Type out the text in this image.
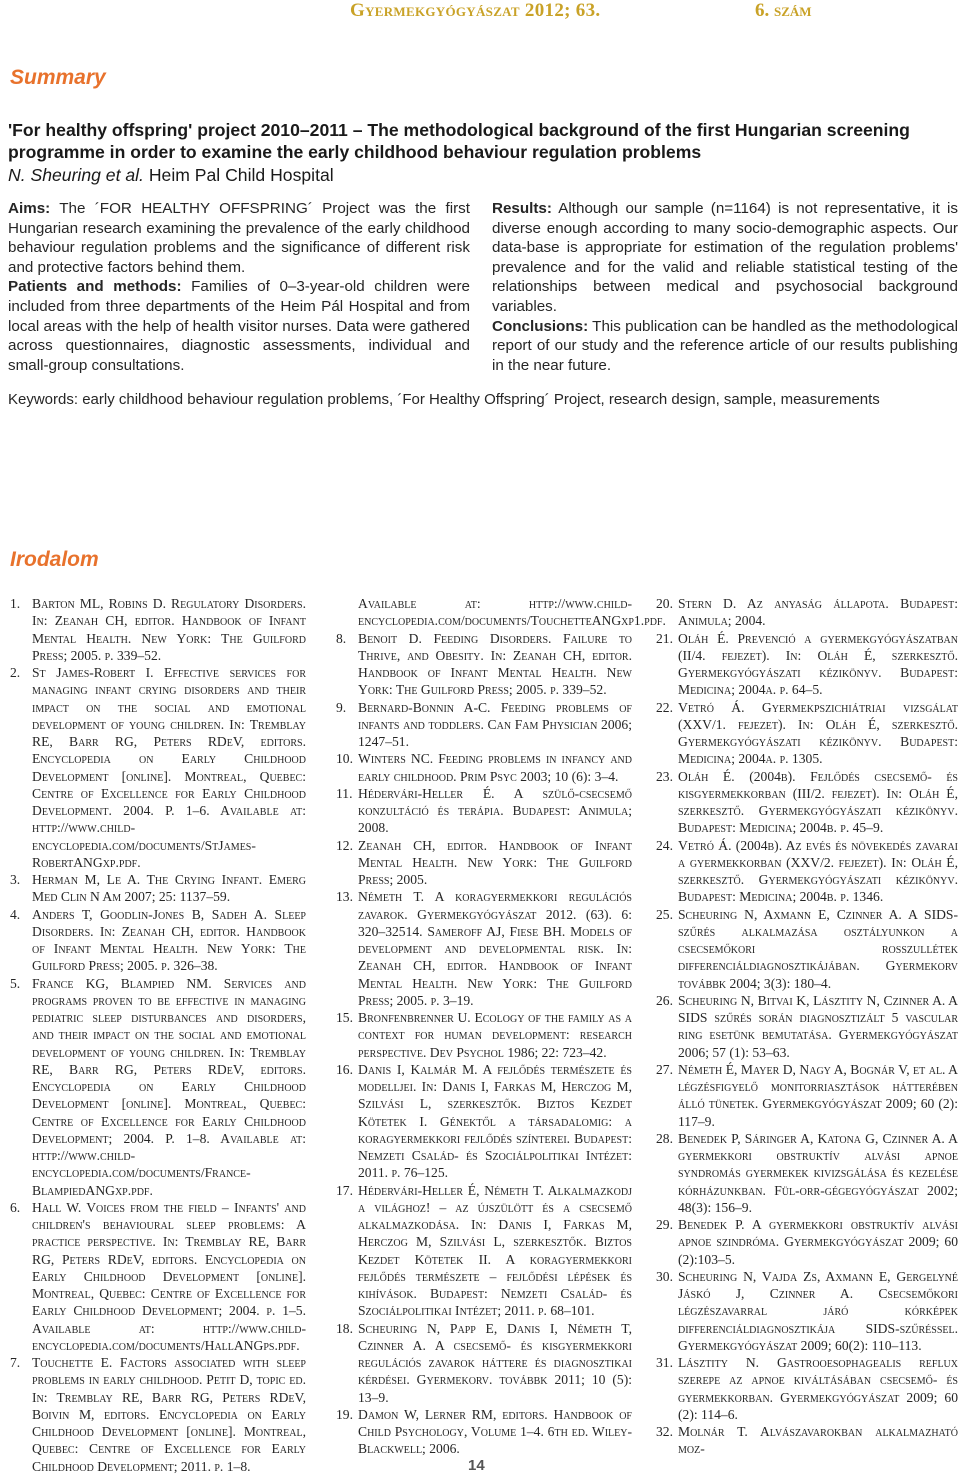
Gyermekgyógyászat 2012; 63.	6. szám
Summary
'For healthy offspring' project 2010–2011 – The methodological background of the first Hungarian screening programme in order to examine the early childhood behaviour regulation problems
N. Sheuring et al. Heim Pal Child Hospital

Aims: The ´FOR HEALTHY OFFSPRING´ Project was the first Hungarian research examining the prevalence of the early childhood behaviour regulation problems and the significance of different risk and protective factors behind them.

Patients and methods: Families of 0–3-year-old children were included from three departments of the Heim Pál Hospital and from local areas with the help of health visitor nurses. Data were gathered across questionnaires, diagnostic assessments, individual and small-group consultations.

Results: Although our sample (n=1164) is not representative, it is diverse enough according to many socio-demographic aspects. Our data-base is appropriate for estimation of the regulation problems' prevalence and for the valid and reliable statistical testing of the relationships between medical and psychosocial background variables.

Conclusions: This publication can be handled as the methodological report of our study and the reference article of our results publishing in the near future.

Keywords: early childhood behaviour regulation problems, ´For Healthy Offspring´ Project, research design, sample, measurements
Irodalom
1. Barton ML, Robins D. Regulatory Disorders. In: Zeanah CH, editor. Handbook of Infant Mental Health. New York: The Guilford Press; 2005. p. 339–52.
2. St James-Robert I. Effective services for managing infant crying disorders and their impact on the social and emotional development of young children. In: Tremblay RE, Barr RG, Peters RDeV, editors. Encyclopedia on Early Childhood Development [online]. Montreal, Quebec: Centre of Excellence for Early Childhood Development. 2004. P. 1–6. Available at: http://www.child-encyclopedia.com/documents/StJames-RobertANGxp.pdf.
3. Herman M, Le A. The Crying Infant. Emerg Med Clin N Am 2007; 25: 1137–59.
4. Anders T, Goodlin-Jones B, Sadeh A. Sleep Disorders. In: Zeanah CH, editor. Handbook of Infant Mental Health. New York: The Guilford Press; 2005. p. 326–38.
5. France KG, Blampied NM. Services and programs proven to be effective in managing pediatric sleep disturbances and disorders, and their impact on the social and emotional development of young children. In: Tremblay RE, Barr RG, Peters RDeV, editors. Encyclopedia on Early Childhood Development [online]. Montreal, Quebec: Centre of Excellence for Early Childhood Development; 2004. P. 1–8. Available at: http://www.child-encyclopedia.com/documents/France-BlampiedANGxp.pdf.
6. Hall W. Voices from the field – Infants' and children's behavioural sleep problems: A practice perspective. In: Tremblay RE, Barr RG, Peters RDeV, editors. Encyclopedia on Early Childhood Development [online]. Montreal, Quebec: Centre of Excellence for Early Childhood Development; 2004. p. 1–5. Available at: http://www.child-encyclopedia.com/documents/HallANGps.pdf.
7. Touchette E. Factors associated with sleep problems in early childhood. Petit D, topic ed. In: Tremblay RE, Barr RG, Peters RDeV, Boivin M, editors. Encyclopedia on Early Childhood Development [online]. Montreal, Quebec: Centre of Excellence for Early Childhood Development; 2011. p. 1–8.
Available at: http://www.child-encyclopedia.com/documents/TouchetteANGxp1.pdf.
8. Benoit D. Feeding Disorders. Failure to Thrive, and Obesity. In: Zeanah CH, editor. Handbook of Infant Mental Health. New York: The Guilford Press; 2005. p. 339–52.
9. Bernard-Bonnin A-C. Feeding problems of infants and toddlers. Can Fam Physician 2006; 1247–51.
10. Winters NC. Feeding problems in infancy and early childhood. Prim Psyc 2003; 10 (6): 3–4.
11. Hédervári-Heller É. A szülő-csecsemő konzultáció és terápia. Budapest: Animula; 2008.
12. Zeanah CH, editor. Handbook of Infant Mental Health. New York: The Guilford Press; 2005.
13. Németh T. A koragyermekkori regulációs zavarok. Gyermekgyógyászat 2012. (63). 6: 320–32514. Sameroff AJ, Fiese BH. Models of development and developmental risk. In: Zeanah CH, editor. Handbook of Infant Mental Health. New York: The Guilford Press; 2005. p. 3–19.
15. Bronfenbrenner U. Ecology of the family as a context for human development: research perspective. Dev Psychol 1986; 22: 723–42.
16. Danis I, Kalmár M. A fejlődés természete és modelljei. In: Danis I, Farkas M, Herczog M, Szilvási L, szerkesztők. Biztos Kezdet Kötetek I. Génektől a társadalomig: a koragyermekkori fejlődés színterei. Budapest: Nemzeti Család- és Szociálpolitikai Intézet: 2011. p. 76–125.
17. Hédervári-Heller É, Németh T. Alkalmazkodj a világhoz! – az újszülött és a csecsemő alkalmazkodása. In: Danis I, Farkas M, Herczog M, Szilvási L, szerkesztők. Biztos Kezdet Kötetek II. A koragyermekkori fejlődés természete – fejlődési lépések és kihívások. Budapest: Nemzeti Család- és Szociálpolitikai Intézet; 2011. p. 68–101.
18. Scheuring N, Papp E, Danis I, Németh T, Czinner A. A csecsemő- és kisgyermekkori regulációs zavarok háttere és diagnosztikai kérdései. Gyermekorv. továbbk 2011; 10 (5): 13–9.
19. Damon W, Lerner RM, editors. Handbook of Child Psychology, Volume 1–4. 6th ed. Wiley-Blackwell; 2006.
20. Stern D. Az anyaság állapota. Budapest: Animula; 2004.
21. Oláh É. Prevenció a gyermekgyógyászatban (II/4. fejezet). In: Oláh É, szerkesztő. Gyermekgyógyászati kézikönyv. Budapest: Medicina; 2004a. p. 64–5.
22. Vetró Á. Gyermekpszichiátriai vizsgálat (XXV/1. fejezet). In: Oláh É, szerkesztő. Gyermekgyógyászati kézikönyv. Budapest: Medicina; 2004a. p. 1305.
23. Oláh É. (2004b). Fejlődés csecsemő- és kisgyermekkorban (III/2. fejezet). In: Oláh É, szerkesztő. Gyermekgyógyászati kézikönyv. Budapest: Medicina; 2004b. p. 45–9.
24. Vetró Á. (2004b). Az evés és növekedés zavarai a gyermekkorban (XXV/2. fejezet). In: Oláh É, szerkesztő. Gyermekgyógyászati kézikönyv. Budapest: Medicina; 2004b. p. 1346.
25. Scheuring N, Axmann E, Czinner A. A SIDS-szűrés alkalmazása osztályunkon a csecsemőkori rosszullétek differenciáldiagnosztikájában. Gyermekorv továbbk 2004; 3(3): 180–4.
26. Scheuring N, Bitvai K, Lásztity N, Czinner A. A SIDS szűrés során diagnosztizált 5 vascular ring esetünk bemutatása. Gyermekgyógyászat 2006; 57 (1): 53–63.
27. Németh É, Mayer D, Nagy A, Bognár V, et al. A légzésfigyelő monitorriasztások hátterében álló tünetek. Gyermekgyógyászat 2009; 60 (2): 117–9.
28. Benedek P, Sáringer A, Katona G, Czinner A. A gyermekkori obstruktív alvási apnoe syndromás gyermekek kivizsgálása és kezelése kórházunkban. Fül-orr-gégegyógyászat 2002; 48(3): 156–9.
29. Benedek P. A gyermekkori obstruktív alvási apnoe szindróma. Gyermekgyógyászat 2009; 60 (2):103–5.
30. Scheuring N, Vajda Zs, Axmann E, Gergelyné Jáskó J, Czinner A. Csecsemőkori légzészavarral járó kórképek differenciáldiagnosztikája SIDS-szűréssel. Gyermekgyógyászat 2009; 60(2): 110–113.
31. Lásztity N. Gastrooesophagealis reflux szerepe az apnoe kiváltásában csecsemő- és gyermekkorban. Gyermekgyógyászat 2009; 60 (2): 114–6.
32. Molnár T. Alvászavarokban alkalmazható moz-
14
